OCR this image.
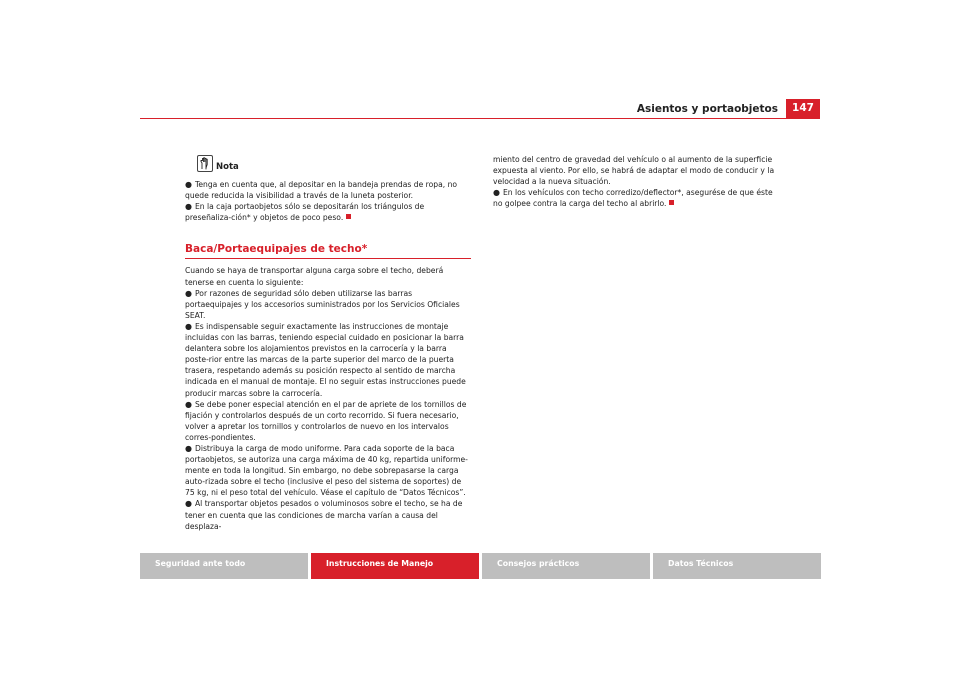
Asientos y portaobjetos	147
Nota

● Tenga en cuenta que, al depositar en la bandeja prendas de ropa, no quede reducida la visibilidad a través de la luneta posterior.

● En la caja portaobjetos sólo se depositarán los triángulos de preseñaliza-ción* y objetos de poco peso.

Baca/Portaequipajes de techo*

Cuando se haya de transportar alguna carga sobre el techo, deberá tenerse en cuenta lo siguiente:

● Por razones de seguridad sólo deben utilizarse las barras portaequipajes y los accesorios suministrados por los Servicios Oficiales SEAT.

● Es indispensable seguir exactamente las instrucciones de montaje incluidas con las barras, teniendo especial cuidado en posicionar la barra delantera sobre los alojamientos previstos en la carrocería y la barra poste-rior entre las marcas de la parte superior del marco de la puerta trasera, respetando además su posición respecto al sentido de marcha indicada en el manual de montaje. El no seguir estas instrucciones puede producir marcas sobre la carrocería.

● Se debe poner especial atención en el par de apriete de los tornillos de fijación y controlarlos después de un corto recorrido. Si fuera necesario, volver a apretar los tornillos y controlarlos de nuevo en los intervalos corres-pondientes.

● Distribuya la carga de modo uniforme. Para cada soporte de la baca portaobjetos, se autoriza una carga máxima de 40 kg, repartida uniforme-mente en toda la longitud. Sin embargo, no debe sobrepasarse la carga auto-rizada sobre el techo (inclusive el peso del sistema de soportes) de 75 kg, ni el peso total del vehículo. Véase el capítulo de “Datos Técnicos”.

● Al transportar objetos pesados o voluminosos sobre el techo, se ha de tener en cuenta que las condiciones de marcha varían a causa del desplaza-

miento del centro de gravedad del vehículo o al aumento de la superficie expuesta al viento. Por ello, se habrá de adaptar el modo de conducir y la velocidad a la nueva situación.

● En los vehículos con techo corredizo/deflector*, asegurése de que éste no golpee contra la carga del techo al abrirlo.

Seguridad ante todo	Instrucciones de Manejo	Consejos prácticos	Datos Técnicos
